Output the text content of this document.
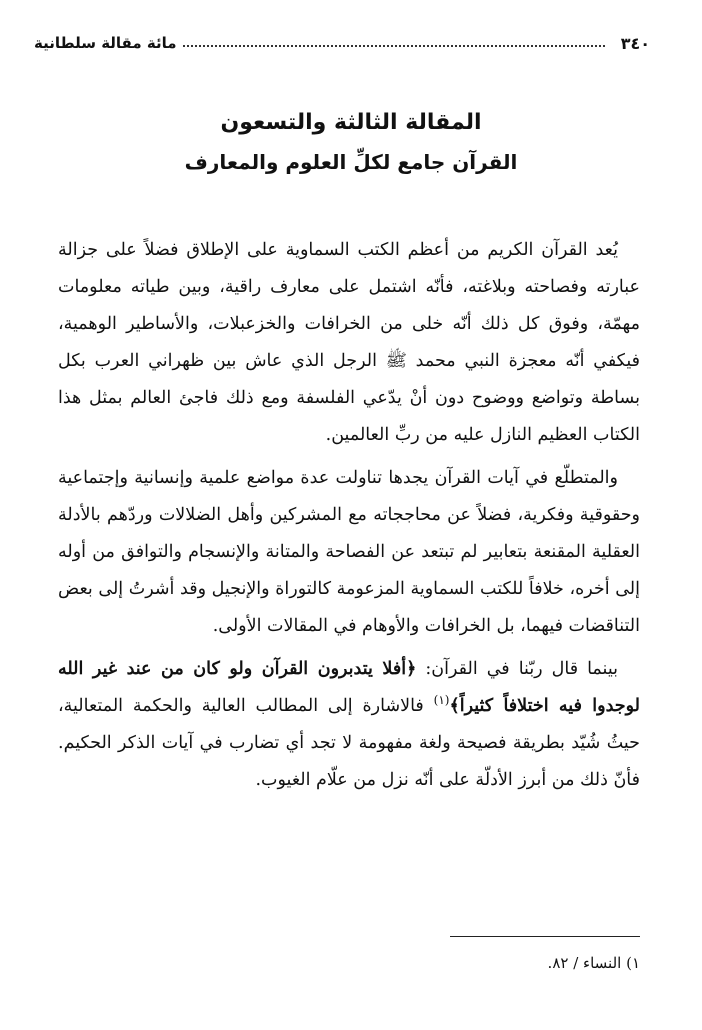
٣٤٠
مائة مقالة سلطانية
المقالة الثالثة والتسعون
القرآن جامع لكلِّ العلوم والمعارف

يُعد القرآن الكريم من أعظم الكتب السماوية على الإطلاق فضلاً على جزالة عبارته وفصاحته وبلاغته، فأنّه اشتمل على معارف راقية، وبين طياته معلومات مهمّة، وفوق كل ذلك أنّه خلى من الخرافات والخزعبلات، والأساطير الوهمية، فيكفي أنّه معجزة النبي محمد ﷺ الرجل الذي عاش بين ظهراني العرب بكل بساطة وتواضع ووضوح دون أنْ يدّعي الفلسفة ومع ذلك فاجئ العالم بمثل هذا الكتاب العظيم النازل عليه من ربِّ العالمين.

والمتطلّع في آيات القرآن يجدها تناولت عدة مواضع علمية وإنسانية وإجتماعية وحقوقية وفكرية، فضلاً عن محاججاته مع المشركين وأهل الضلالات وردّهم بالأدلة العقلية المقنعة بتعابير لم تبتعد عن الفصاحة والمتانة والإنسجام والتوافق من أوله إلى أخره، خلافاً للكتب السماوية المزعومة كالتوراة والإنجيل وقد أشرتُ إلى بعض التناقضات فيهما، بل الخرافات والأوهام في المقالات الأولى.

بينما قال ربّنا في القرآن: ﴿أفلا يتدبرون القرآن ولو كان من عند غير الله لوجدوا فيه اختلافاً كثيراً﴾$^{(١)}$ فالاشارة إلى المطالب العالية والحكمة المتعالية، حيثُ شُيّد بطريقة فصيحة ولغة مفهومة لا تجد أي تضارب في آيات الذكر الحكيم. فأنّ ذلك من أبرز الأدلّة على أنّه نزل من علّام الغيوب.

١) النساء / ٨٢.
